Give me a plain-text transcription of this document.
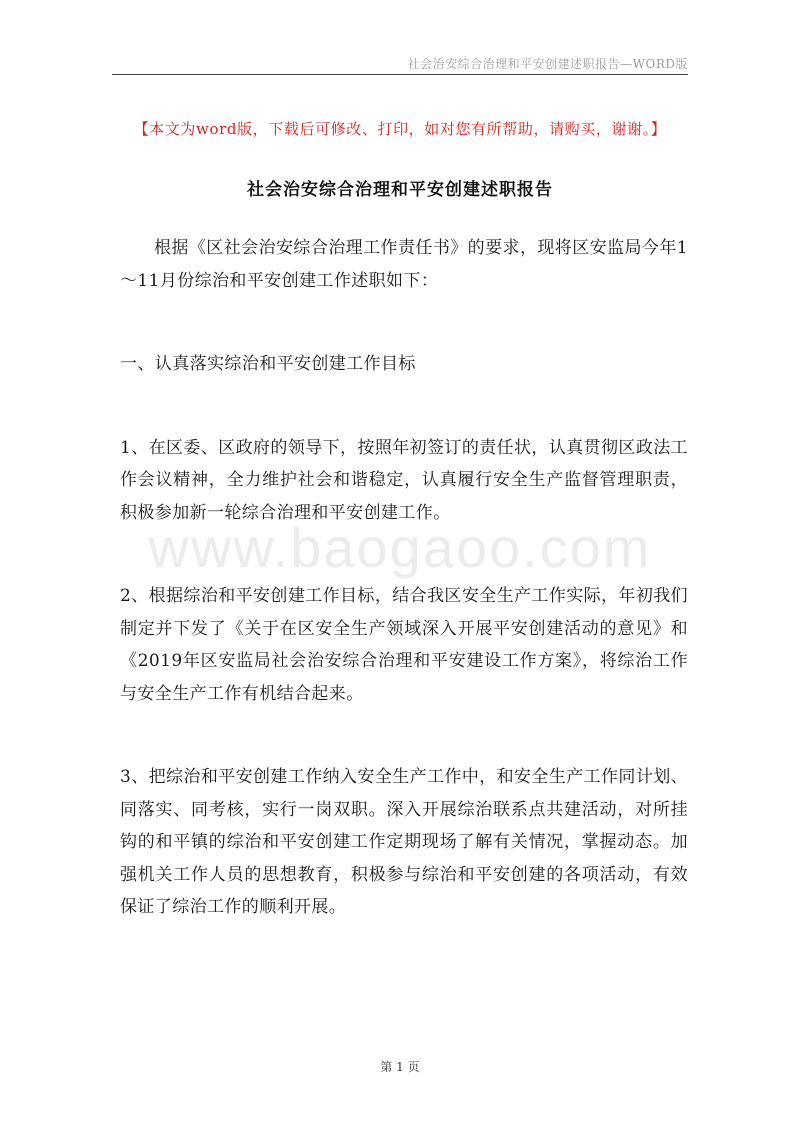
社会治安综合治理和平安创建述职报告—WORD版
【本文为word版，下载后可修改、打印，如对您有所帮助，请购买，谢谢。】
社会治安综合治理和平安创建述职报告

根据《区社会治安综合治理工作责任书》的要求，现将区安监局今年1～11月份综治和平安创建工作述职如下：

一、认真落实综治和平安创建工作目标

1、在区委、区政府的领导下，按照年初签订的责任状，认真贯彻区政法工作会议精神，全力维护社会和谐稳定，认真履行安全生产监督管理职责，积极参加新一轮综合治理和平安创建工作。

2、根据综治和平安创建工作目标，结合我区安全生产工作实际，年初我们制定并下发了《关于在区安全生产领域深入开展平安创建活动的意见》和《2019年区安监局社会治安综合治理和平安建设工作方案》，将综治工作与安全生产工作有机结合起来。

3、把综治和平安创建工作纳入安全生产工作中，和安全生产工作同计划、同落实、同考核，实行一岗双职。深入开展综治联系点共建活动，对所挂钩的和平镇的综治和平安创建工作定期现场了解有关情况，掌握动态。加强机关工作人员的思想教育，积极参与综治和平安创建的各项活动，有效保证了综治工作的顺利开展。

www.baogaoo.com
第 1 页
